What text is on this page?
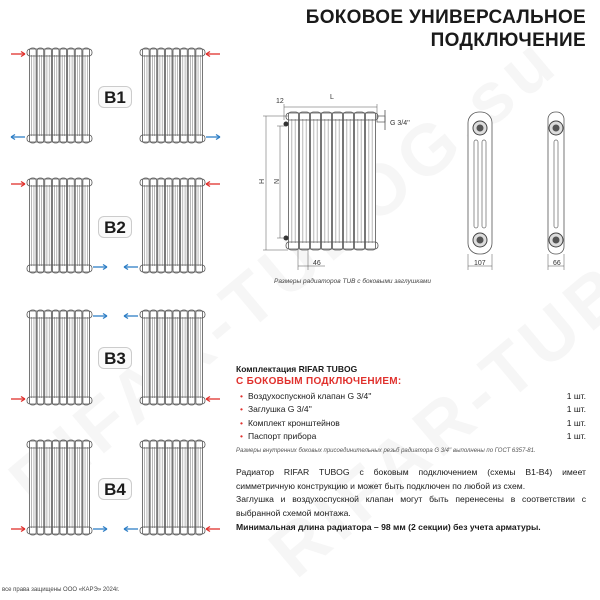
БОКОВОЕ УНИВЕРСАЛЬНОЕ
ПОДКЛЮЧЕНИЕ
B1
B2
B3
B4
12
L
G 3/4''
H N
46	107	66
Размеры радиаторов TUB с боковыми заглушками
Комплектация RIFAR TUBOG
С БОКОВЫМ ПОДКЛЮЧЕНИЕМ:
• Воздухоспускной клапан G 3/4''	1 шт.
• Заглушка G 3/4''	1 шт.
• Комплект кронштейнов	1 шт.
• Паспорт прибора	1 шт.
Размеры внутренних боковых присоединительных резьб радиатора G 3/4'' выполнены по ГОСТ 6357-81.
Радиатор RIFAR TUBOG с боковым подключением (схемы B1-B4) имеет симметричную конструкцию и может быть подключен по любой из схем.
Заглушка и воздухоспускной клапан могут быть перенесены в соответствии с выбранной схемой монтажа.
Минимальная длина радиатора – 98 мм (2 секции) без учета арматуры.
все права защищены ООО «КАРЭ» 2024г.
